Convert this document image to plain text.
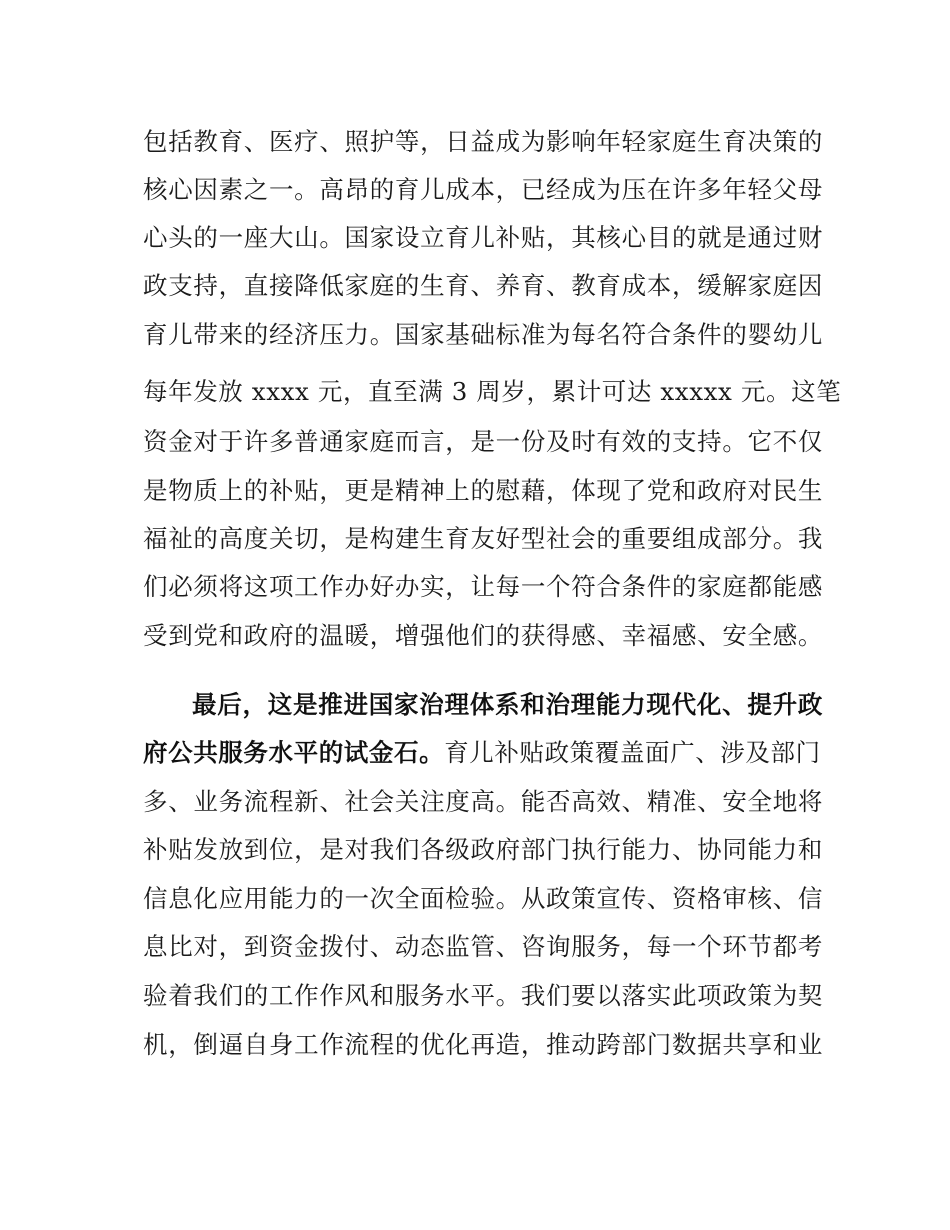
包括教育、医疗、照护等，日益成为影响年轻家庭生育决策的
核心因素之一。高昂的育儿成本，已经成为压在许多年轻父母
心头的一座大山。国家设立育儿补贴，其核心目的就是通过财
政支持，直接降低家庭的生育、养育、教育成本，缓解家庭因
育儿带来的经济压力。国家基础标准为每名符合条件的婴幼儿
每年发放 xxxx 元，直至满 3 周岁，累计可达 xxxxx 元。这笔
资金对于许多普通家庭而言，是一份及时有效的支持。它不仅
是物质上的补贴，更是精神上的慰藉，体现了党和政府对民生
福祉的高度关切，是构建生育友好型社会的重要组成部分。我
们必须将这项工作办好办实，让每一个符合条件的家庭都能感
受到党和政府的温暖，增强他们的获得感、幸福感、安全感。
最后，这是推进国家治理体系和治理能力现代化、提升政
府公共服务水平的试金石。育儿补贴政策覆盖面广、涉及部门
多、业务流程新、社会关注度高。能否高效、精准、安全地将
补贴发放到位，是对我们各级政府部门执行能力、协同能力和
信息化应用能力的一次全面检验。从政策宣传、资格审核、信
息比对，到资金拨付、动态监管、咨询服务，每一个环节都考
验着我们的工作作风和服务水平。我们要以落实此项政策为契
机，倒逼自身工作流程的优化再造，推动跨部门数据共享和业
